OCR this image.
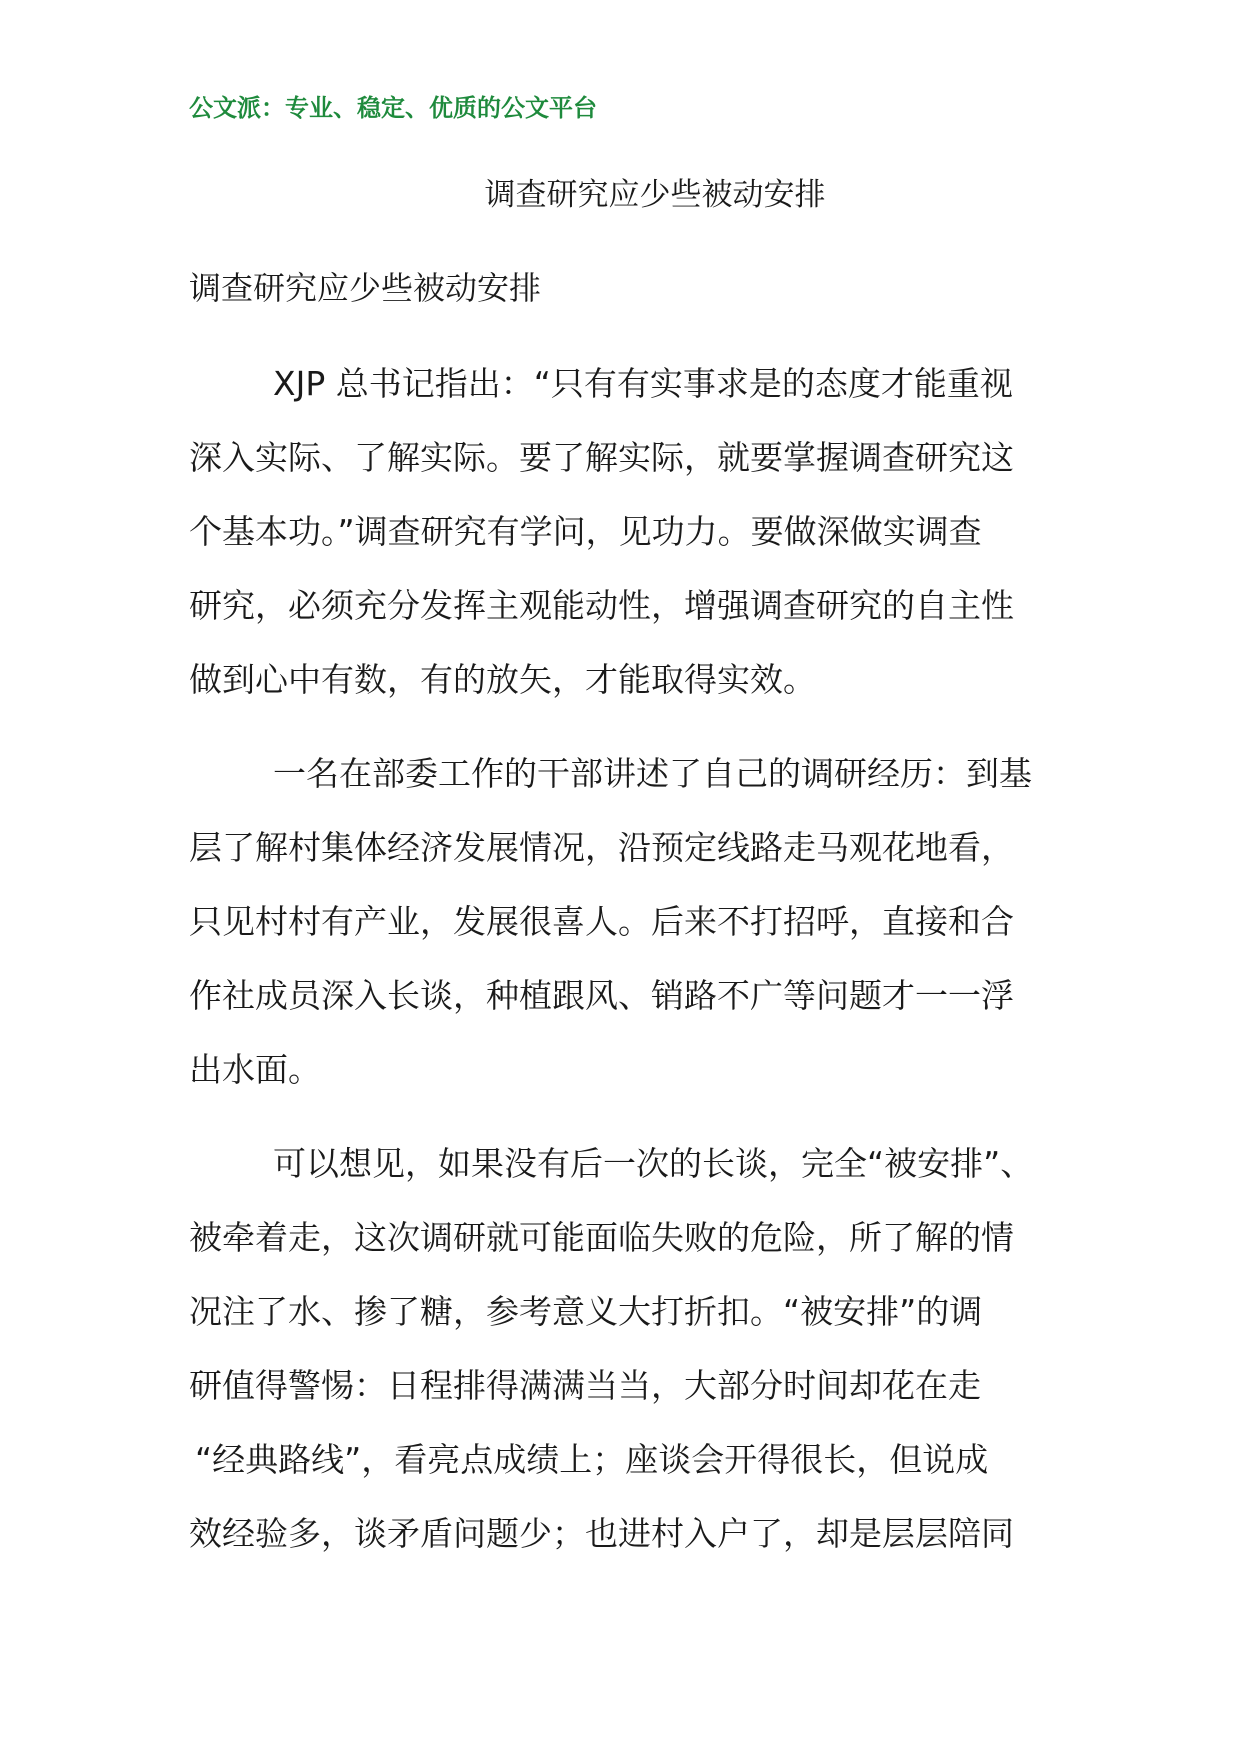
公文派：专业、稳定、优质的公文平台
调查研究应少些被动安排
调查研究应少些被动安排
XJP 总书记指出：“只有有实事求是的态度才能重视
深入实际、了解实际。要了解实际，就要掌握调查研究这
个基本功。”调查研究有学问，见功力。要做深做实调查
研究，必须充分发挥主观能动性，增强调查研究的自主性
做到心中有数，有的放矢，才能取得实效。
一名在部委工作的干部讲述了自己的调研经历：到基
层了解村集体经济发展情况，沿预定线路走马观花地看，
只见村村有产业，发展很喜人。后来不打招呼，直接和合
作社成员深入长谈，种植跟风、销路不广等问题才一一浮
出水面。
可以想见，如果没有后一次的长谈，完全“被安排”、
被牵着走，这次调研就可能面临失败的危险，所了解的情
况注了水、掺了糖，参考意义大打折扣。“被安排”的调
研值得警惕：日程排得满满当当，大部分时间却花在走
“经典路线”，看亮点成绩上；座谈会开得很长，但说成
效经验多，谈矛盾问题少；也进村入户了，却是层层陪同
